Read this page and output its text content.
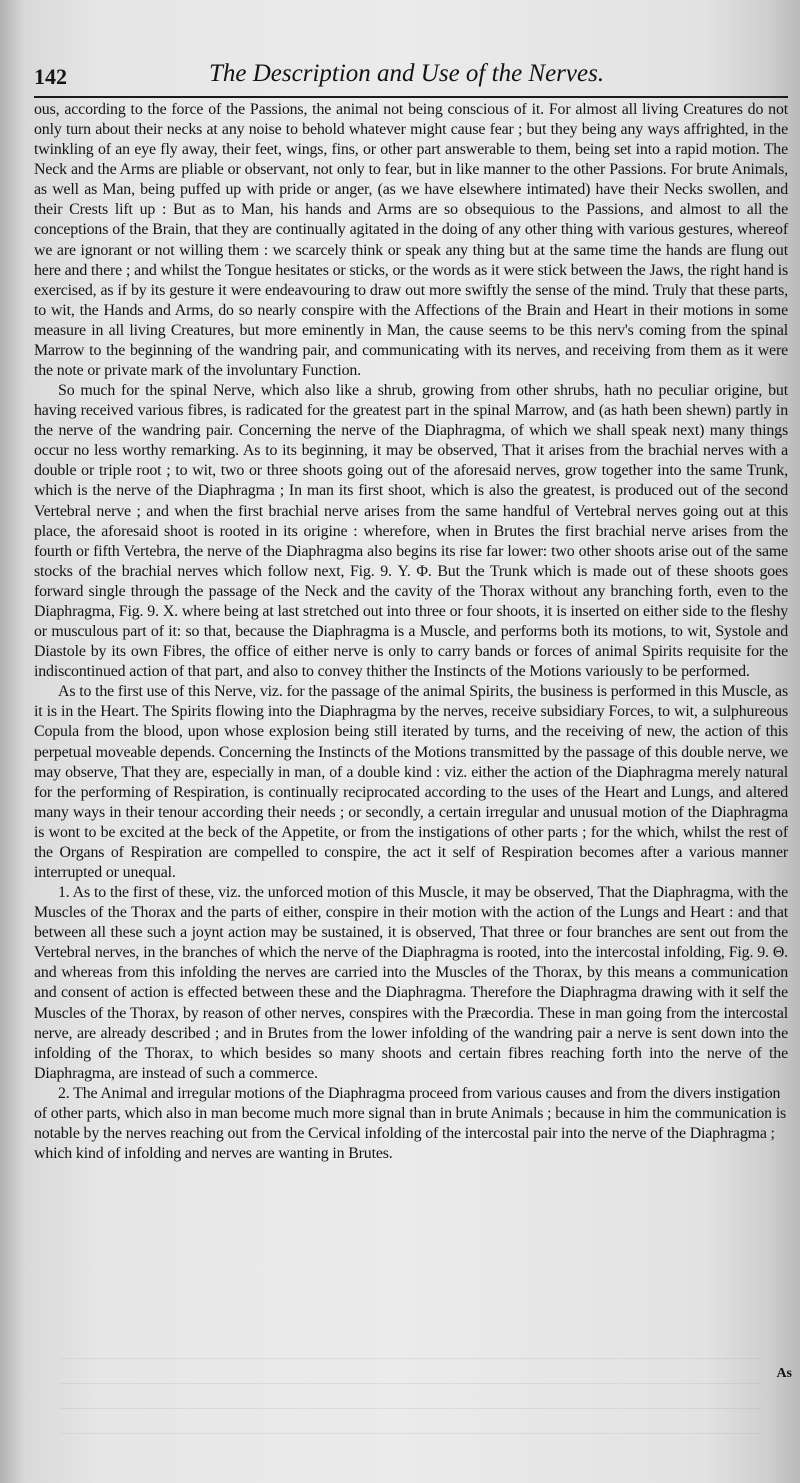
142	The Description and Use of the Nerves.

ous, according to the force of the Passions, the animal not being conscious of it. For almost all living Creatures do not only turn about their necks at any noise to behold whatever might cause fear ; but they being any ways affrighted, in the twinkling of an eye fly away, their feet, wings, fins, or other part answerable to them, being set into a rapid motion. The Neck and the Arms are pliable or observant, not only to fear, but in like manner to the other Passions. For brute Animals, as well as Man, being puffed up with pride or anger, (as we have elsewhere intimated) have their Necks swollen, and their Crests lift up : But as to Man, his hands and Arms are so obsequious to the Passions, and almost to all the conceptions of the Brain, that they are continually agitated in the doing of any other thing with various gestures, whereof we are ignorant or not willing them : we scarcely think or speak any thing but at the same time the hands are flung out here and there ; and whilst the Tongue hesitates or sticks, or the words as it were stick between the Jaws, the right hand is exercised, as if by its gesture it were endeavouring to draw out more swiftly the sense of the mind. Truly that these parts, to wit, the Hands and Arms, do so nearly conspire with the Affections of the Brain and Heart in their motions in some measure in all living Creatures, but more eminently in Man, the cause seems to be this nerv's coming from the spinal Marrow to the beginning of the wandring pair, and communicating with its nerves, and receiving from them as it were the note or private mark of the involuntary Function.

So much for the spinal Nerve, which also like a shrub, growing from other shrubs, hath no peculiar origine, but having received various fibres, is radicated for the greatest part in the spinal Marrow, and (as hath been shewn) partly in the nerve of the wandring pair. Concerning the nerve of the Diaphragma, of which we shall speak next) many things occur no less worthy remarking. As to its beginning, it may be observed, That it arises from the brachial nerves with a double or triple root ; to wit, two or three shoots going out of the aforesaid nerves, grow together into the same Trunk, which is the nerve of the Diaphragma ; In man its first shoot, which is also the greatest, is produced out of the second Vertebral nerve ; and when the first brachial nerve arises from the same handful of Vertebral nerves going out at this place, the aforesaid shoot is rooted in its origine : wherefore, when in Brutes the first brachial nerve arises from the fourth or fifth Vertebra, the nerve of the Diaphragma also begins its rise far lower: two other shoots arise out of the same stocks of the brachial nerves which follow next, Fig. 9. Υ. Φ. But the Trunk which is made out of these shoots goes forward single through the passage of the Neck and the cavity of the Thorax without any branching forth, even to the Diaphragma, Fig. 9. Χ. where being at last stretched out into three or four shoots, it is inserted on either side to the fleshy or musculous part of it: so that, because the Diaphragma is a Muscle, and performs both its motions, to wit, Systole and Diastole by its own Fibres, the office of either nerve is only to carry bands or forces of animal Spirits requisite for the indiscontinued action of that part, and also to convey thither the Instincts of the Motions variously to be performed.

As to the first use of this Nerve, viz. for the passage of the animal Spirits, the business is performed in this Muscle, as it is in the Heart. The Spirits flowing into the Diaphragma by the nerves, receive subsidiary Forces, to wit, a sulphureous Copula from the blood, upon whose explosion being still iterated by turns, and the receiving of new, the action of this perpetual moveable depends. Concerning the Instincts of the Motions transmitted by the passage of this double nerve, we may observe, That they are, especially in man, of a double kind : viz. either the action of the Diaphragma merely natural for the performing of Respiration, is continually reciprocated according to the uses of the Heart and Lungs, and altered many ways in their tenour according their needs ; or secondly, a certain irregular and unusual motion of the Diaphragma is wont to be excited at the beck of the Appetite, or from the instigations of other parts ; for the which, whilst the rest of the Organs of Respiration are compelled to conspire, the act it self of Respiration becomes after a various manner interrupted or unequal.

1. As to the first of these, viz. the unforced motion of this Muscle, it may be observed, That the Diaphragma, with the Muscles of the Thorax and the parts of either, conspire in their motion with the action of the Lungs and Heart : and that between all these such a joynt action may be sustained, it is observed, That three or four branches are sent out from the Vertebral nerves, in the branches of which the nerve of the Diaphragma is rooted, into the intercostal infolding, Fig. 9. Θ. and whereas from this infolding the nerves are carried into the Muscles of the Thorax, by this means a communication and consent of action is effected between these and the Diaphragma. Therefore the Diaphragma drawing with it self the Muscles of the Thorax, by reason of other nerves, conspires with the Præcordia. These in man going from the intercostal nerve, are already described ; and in Brutes from the lower infolding of the wandring pair a nerve is sent down into the infolding of the Thorax, to which besides so many shoots and certain fibres reaching forth into the nerve of the Diaphragma, are instead of such a commerce.

2. The Animal and irregular motions of the Diaphragma proceed from various causes and from the divers instigation of other parts, which also in man become much more signal than in brute Animals ; because in him the communication is notable by the nerves reaching out from the Cervical infolding of the intercostal pair into the nerve of the Diaphragma ; which kind of infolding and nerves are wanting in Brutes.

As
